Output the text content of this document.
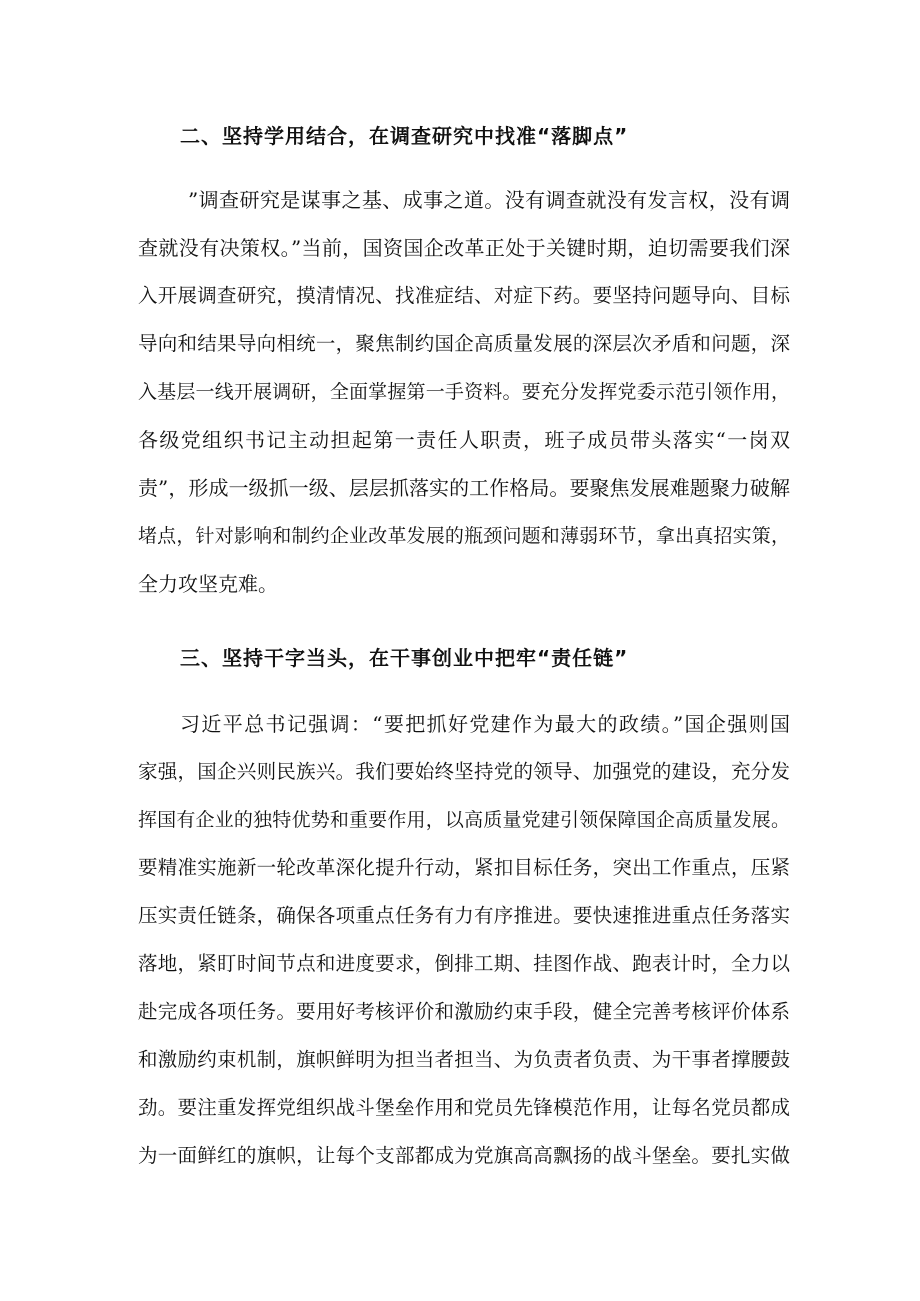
二、坚持学用结合，在调查研究中找准“落脚点”
”调查研究是谋事之基、成事之道。没有调查就没有发言权，没有调
查就没有决策权。”当前，国资国企改革正处于关键时期，迫切需要我们深
入开展调查研究，摸清情况、找准症结、对症下药。要坚持问题导向、目标
导向和结果导向相统一，聚焦制约国企高质量发展的深层次矛盾和问题，深
入基层一线开展调研，全面掌握第一手资料。要充分发挥党委示范引领作用，
各级党组织书记主动担起第一责任人职责，班子成员带头落实“一岗双
责”，形成一级抓一级、层层抓落实的工作格局。要聚焦发展难题聚力破解
堵点，针对影响和制约企业改革发展的瓶颈问题和薄弱环节，拿出真招实策，
全力攻坚克难。
三、坚持干字当头，在干事创业中把牢“责任链”
习近平总书记强调：“要把抓好党建作为最大的政绩。”国企强则国
家强，国企兴则民族兴。我们要始终坚持党的领导、加强党的建设，充分发
挥国有企业的独特优势和重要作用，以高质量党建引领保障国企高质量发展。
要精准实施新一轮改革深化提升行动，紧扣目标任务，突出工作重点，压紧
压实责任链条，确保各项重点任务有力有序推进。要快速推进重点任务落实
落地，紧盯时间节点和进度要求，倒排工期、挂图作战、跑表计时，全力以
赴完成各项任务。要用好考核评价和激励约束手段，健全完善考核评价体系
和激励约束机制，旗帜鲜明为担当者担当、为负责者负责、为干事者撑腰鼓
劲。要注重发挥党组织战斗堡垒作用和党员先锋模范作用，让每名党员都成
为一面鲜红的旗帜，让每个支部都成为党旗高高飘扬的战斗堡垒。要扎实做
